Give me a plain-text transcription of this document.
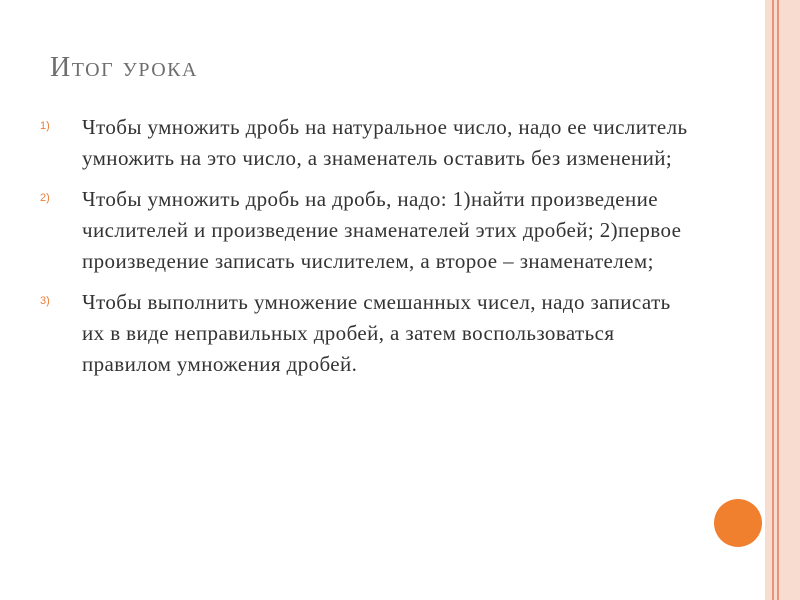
Итог урока
1) Чтобы умножить дробь на натуральное число, надо ее числитель умножить на это число, а знаменатель оставить без изменений;
2) Чтобы умножить дробь на дробь, надо: 1)найти произведение числителей и произведение знаменателей этих дробей; 2)первое произведение записать числителем, а второе – знаменателем;
3) Чтобы выполнить умножение смешанных чисел, надо записать их в виде неправильных дробей, а затем воспользоваться правилом умножения дробей.
